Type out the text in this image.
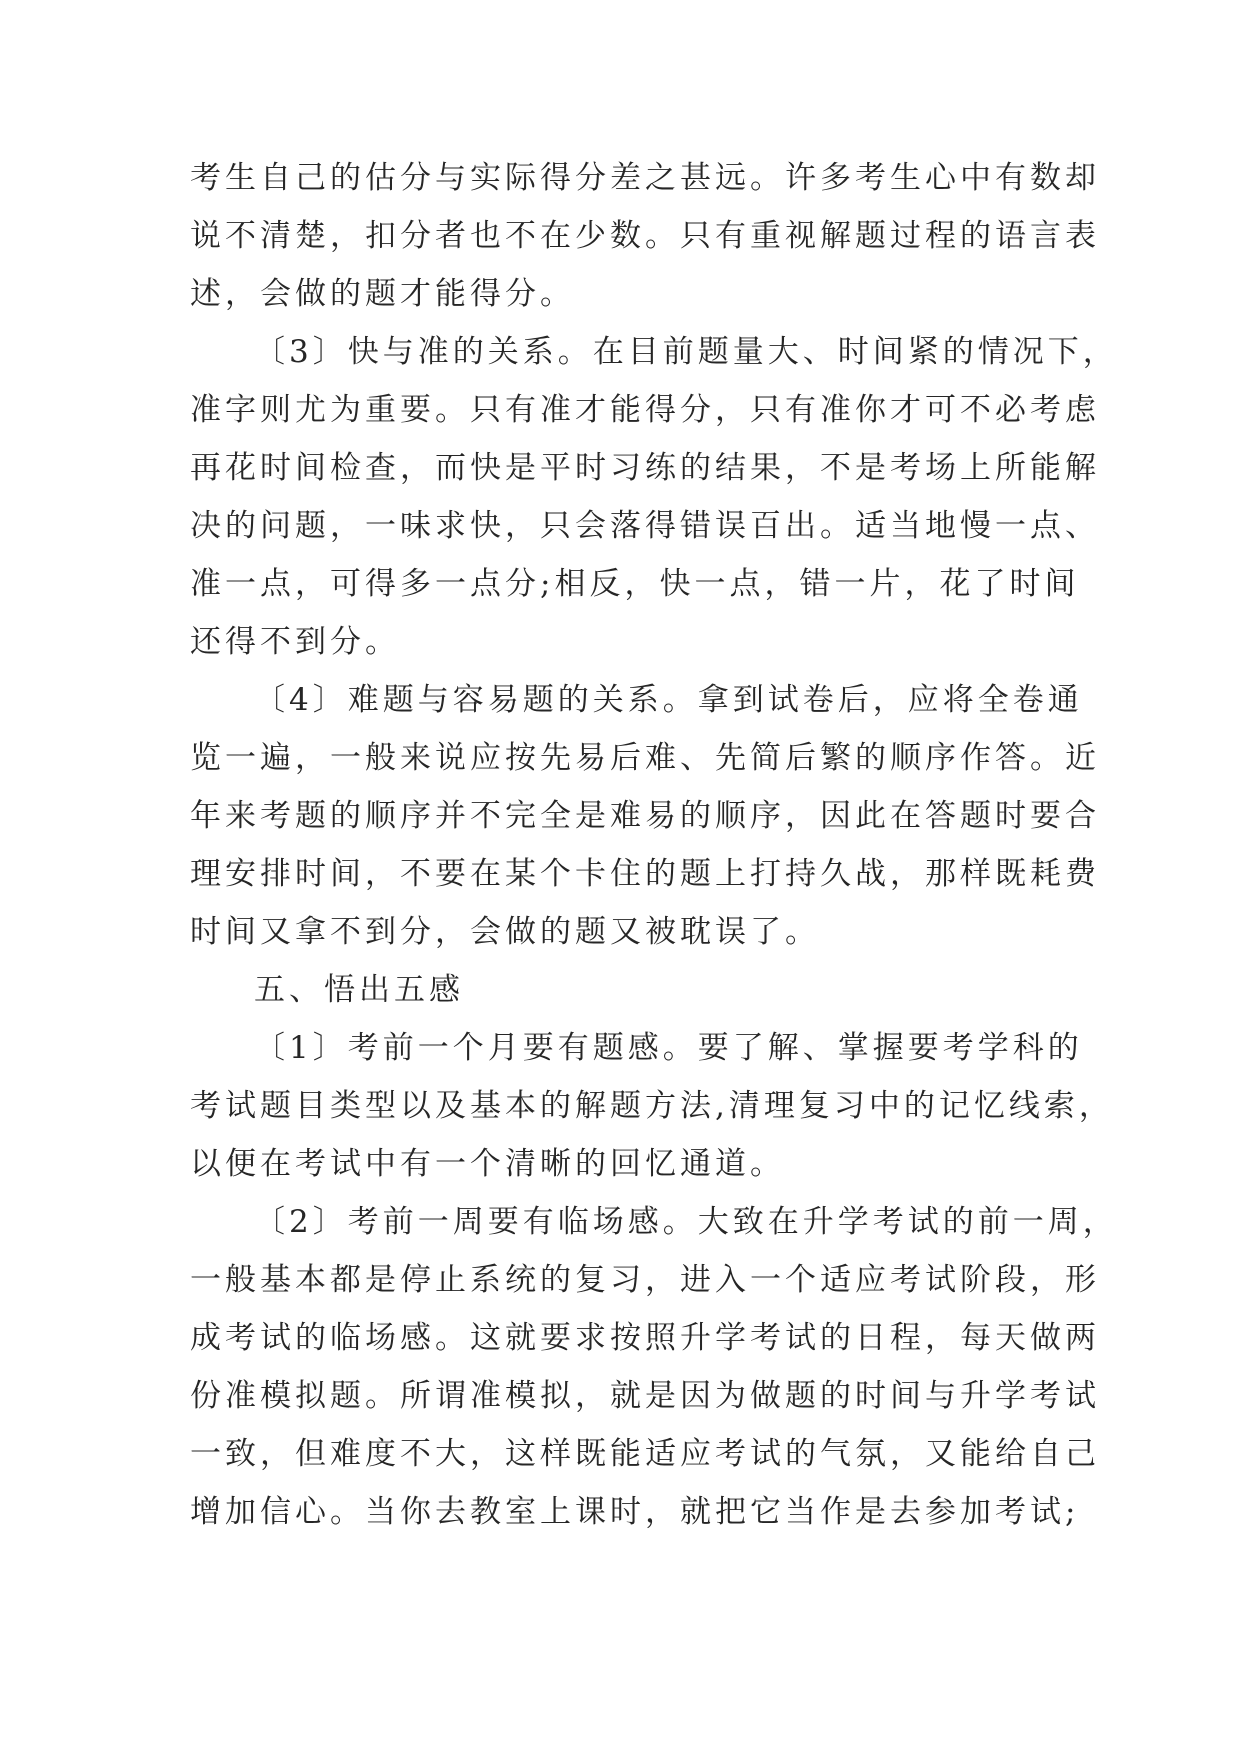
考生自己的估分与实际得分差之甚远。许多考生心中有数却
说不清楚，扣分者也不在少数。只有重视解题过程的语言表
述，会做的题才能得分。
〔3〕快与准的关系。在目前题量大、时间紧的情况下，
准字则尤为重要。只有准才能得分，只有准你才可不必考虑
再花时间检查，而快是平时习练的结果，不是考场上所能解
决的问题，一味求快，只会落得错误百出。适当地慢一点、
准一点，可得多一点分;相反，快一点，错一片，花了时间
还得不到分。
〔4〕难题与容易题的关系。拿到试卷后，应将全卷通
览一遍，一般来说应按先易后难、先简后繁的顺序作答。近
年来考题的顺序并不完全是难易的顺序，因此在答题时要合
理安排时间，不要在某个卡住的题上打持久战，那样既耗费
时间又拿不到分，会做的题又被耽误了。
五、悟出五感
〔1〕考前一个月要有题感。要了解、掌握要考学科的
考试题目类型以及基本的解题方法,清理复习中的记忆线索，
以便在考试中有一个清晰的回忆通道。
〔2〕考前一周要有临场感。大致在升学考试的前一周，
一般基本都是停止系统的复习，进入一个适应考试阶段，形
成考试的临场感。这就要求按照升学考试的日程，每天做两
份准模拟题。所谓准模拟，就是因为做题的时间与升学考试
一致，但难度不大，这样既能适应考试的气氛，又能给自己
增加信心。当你去教室上课时，就把它当作是去参加考试;
